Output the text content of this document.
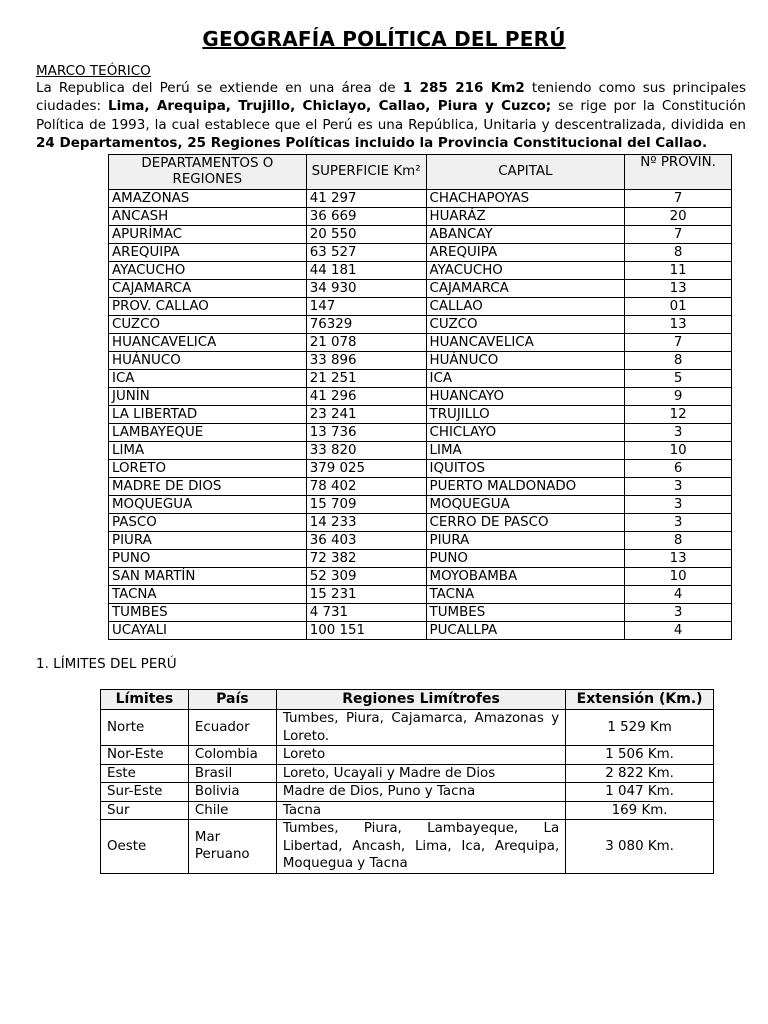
GEOGRAFÍA POLÍTICA DEL PERÚ
MARCO TEÓRICO
La Republica del Perú se extiende en una área de 1 285 216 Km2 teniendo como sus principales ciudades: Lima, Arequipa, Trujillo, Chiclayo, Callao, Piura y Cuzco; se rige por la Constitución Política de 1993, la cual establece que el Perú es una República, Unitaria y descentralizada, dividida en 24 Departamentos, 25 Regiones Políticas incluido la Provincia Constitucional del Callao.
DEPARTAMENTOS O REGIONES	SUPERFICIE Km²	CAPITAL	Nº PROVIN.
AMAZONAS	41 297	CHACHAPOYAS	7
ANCASH	36 669	HUARÁZ	20
APURÍMAC	20 550	ABANCAY	7
AREQUIPA	63 527	AREQUIPA	8
AYACUCHO	44 181	AYACUCHO	11
CAJAMARCA	34 930	CAJAMARCA	13
PROV. CALLAO	147	CALLAO	01
CUZCO	76329	CUZCO	13
HUANCAVELICA	21 078	HUANCAVELICA	7
HUÁNUCO	33 896	HUÁNUCO	8
ICA	21 251	ICA	5
JUNÍN	41 296	HUANCAYO	9
LA LIBERTAD	23 241	TRUJILLO	12
LAMBAYEQUE	13 736	CHICLAYO	3
LIMA	33 820	LIMA	10
LORETO	379 025	IQUITOS	6
MADRE DE DIOS	78 402	PUERTO MALDONADO	3
MOQUEGUA	15 709	MOQUEGUA	3
PASCO	14 233	CERRO DE PASCO	3
PIURA	36 403	PIURA	8
PUNO	72 382	PUNO	13
SAN MARTÍN	52 309	MOYOBAMBA	10
TACNA	15 231	TACNA	4
TUMBES	4 731	TUMBES	3
UCAYALI	100 151	PUCALLPA	4
1. LÍMITES DEL PERÚ
Límites	País	Regiones Limítrofes	Extensión (Km.)
Norte	Ecuador	Tumbes, Piura, Cajamarca, Amazonas y Loreto.	1 529 Km
Nor-Este	Colombia	Loreto	1 506 Km.
Este	Brasil	Loreto, Ucayali y Madre de Dios	2 822 Km.
Sur-Este	Bolivia	Madre de Dios, Puno y Tacna	1 047 Km.
Sur	Chile	Tacna	169 Km.
Oeste	Mar Peruano	Tumbes, Piura, Lambayeque, La Libertad, Ancash, Lima, Ica, Arequipa, Moquegua y Tacna	3 080 Km.
